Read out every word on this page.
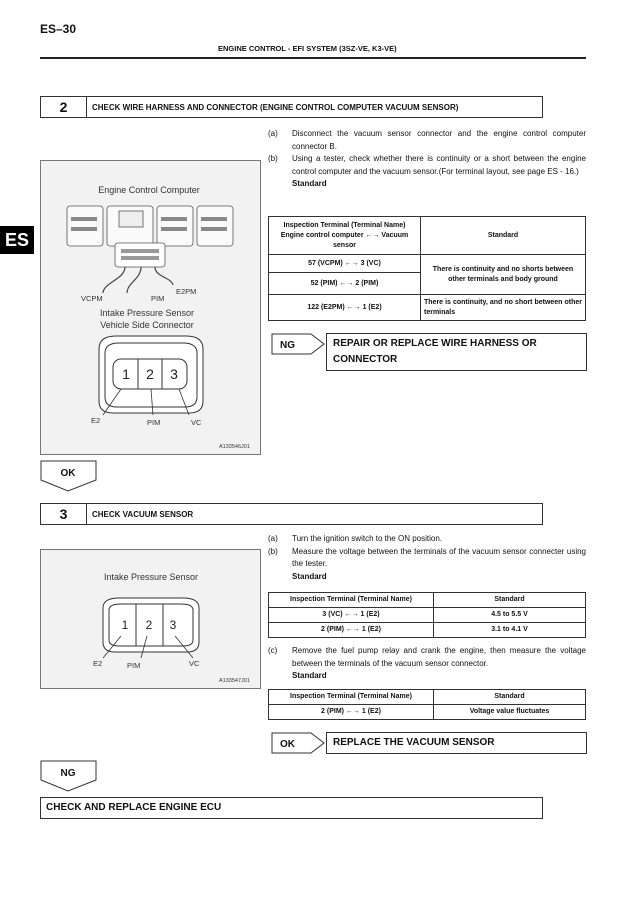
ES–30
ENGINE CONTROL - EFI SYSTEM (3SZ-VE, K3-VE)
ES
2	CHECK WIRE HARNESS AND CONNECTOR (ENGINE CONTROL COMPUTER VACUUM SENSOR)
Engine Control Computer
VCPM	PIM
E2PM
Intake Pressure Sensor
Vehicle Side Connector
1 2 3
E2	PIM	VC
A133546J01
(a)	Disconnect the vacuum sensor connector and the engine control computer connector B.
(b)	Using a tester, check whether there is continuity or a short between the engine control computer and the vacuum sensor.(For terminal layout, see page ES - 16.)
Standard
Inspection Terminal (Terminal Name) Engine control computer ←→ Vacuum sensor	Standard
57 (VCPM) ←→ 3 (VC)	There is continuity and no shorts between other terminals and body ground
52 (PIM) ←→ 2 (PIM)	
122 (E2PM) ←→ 1 (E2)	There is continuity, and no short between other terminals
NG	REPAIR OR REPLACE WIRE HARNESS OR CONNECTOR
OK
3	CHECK VACUUM SENSOR
Intake Pressure Sensor
1 2 3
E2	PIM	VC
A133547J01
(a)	Turn the ignition switch to the ON position.
(b)	Measure the voltage between the terminals of the vacuum sensor connecter using the tester.
Standard
Inspection Terminal (Terminal Name)	Standard
3 (VC) ←→ 1 (E2)	4.5 to 5.5 V
2 (PIM) ←→ 1 (E2)	3.1 to 4.1 V
(c)	Remove the fuel pump relay and crank the engine, then measure the voltage between the terminals of the vacuum sensor connector.
Standard
Inspection Terminal (Terminal Name)	Standard
2 (PIM) ←→ 1 (E2)	Voltage value fluctuates
OK	REPLACE THE VACUUM SENSOR
NG
CHECK AND REPLACE ENGINE ECU
